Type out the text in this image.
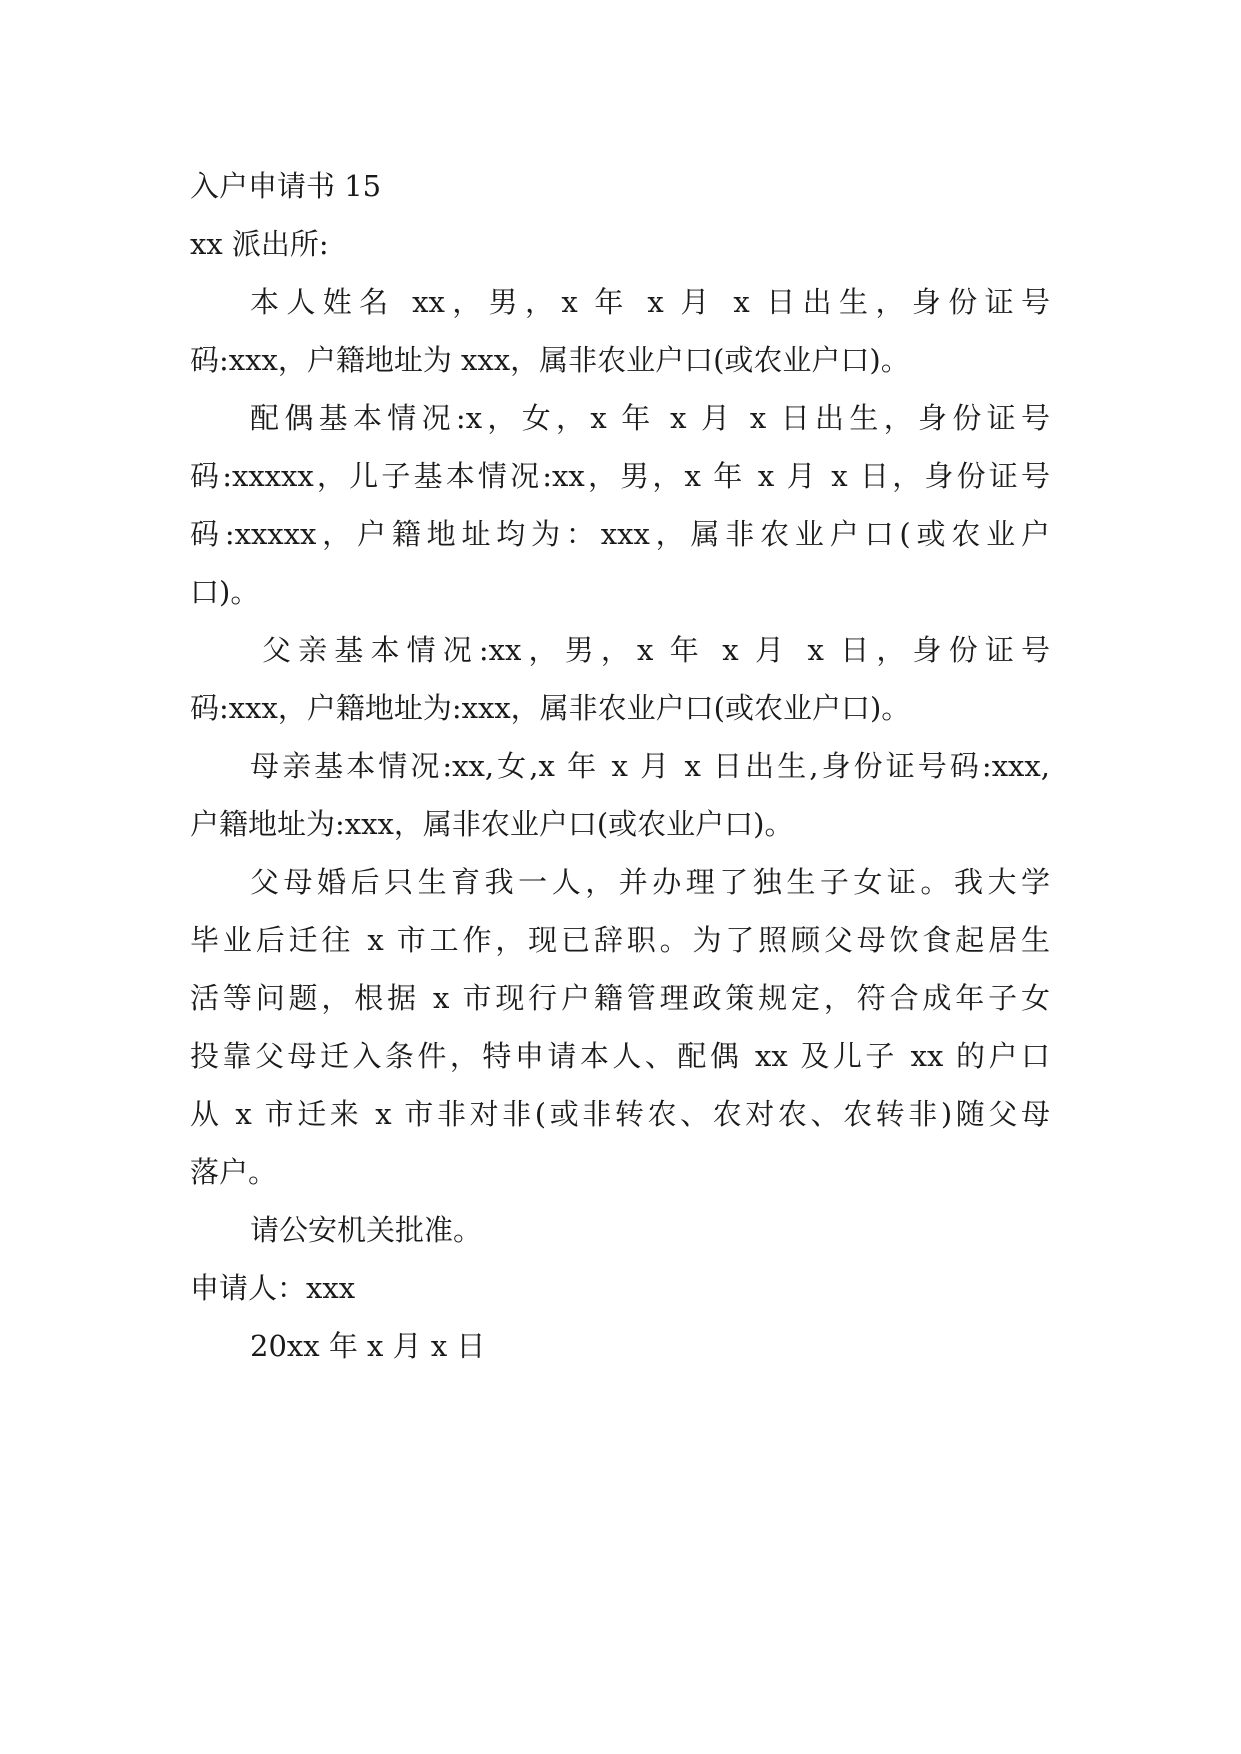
入户申请书 15
xx 派出所:
本人姓名 xx，男，x 年 x 月 x 日出生，身份证号
码:xxx，户籍地址为 xxx，属非农业户口(或农业户口)。
配偶基本情况:x，女，x 年 x 月 x 日出生，身份证号
码:xxxxx，儿子基本情况:xx，男，x 年 x 月 x 日，身份证号
码:xxxxx，户籍地址均为：xxx，属非农业户口(或农业户
口)。
父亲基本情况:xx，男，x 年 x 月 x 日，身份证号
码:xxx，户籍地址为:xxx，属非农业户口(或农业户口)。
母亲基本情况:xx,女,x 年 x 月 x 日出生,身份证号码:xxx,
户籍地址为:xxx，属非农业户口(或农业户口)。
父母婚后只生育我一人，并办理了独生子女证。我大学
毕业后迁往 x 市工作，现已辞职。为了照顾父母饮食起居生
活等问题，根据 x 市现行户籍管理政策规定，符合成年子女
投靠父母迁入条件，特申请本人、配偶 xx 及儿子 xx 的户口
从 x 市迁来 x 市非对非(或非转农、农对农、农转非)随父母
落户。
请公安机关批准。
申请人：xxx
20xx 年 x 月 x 日
